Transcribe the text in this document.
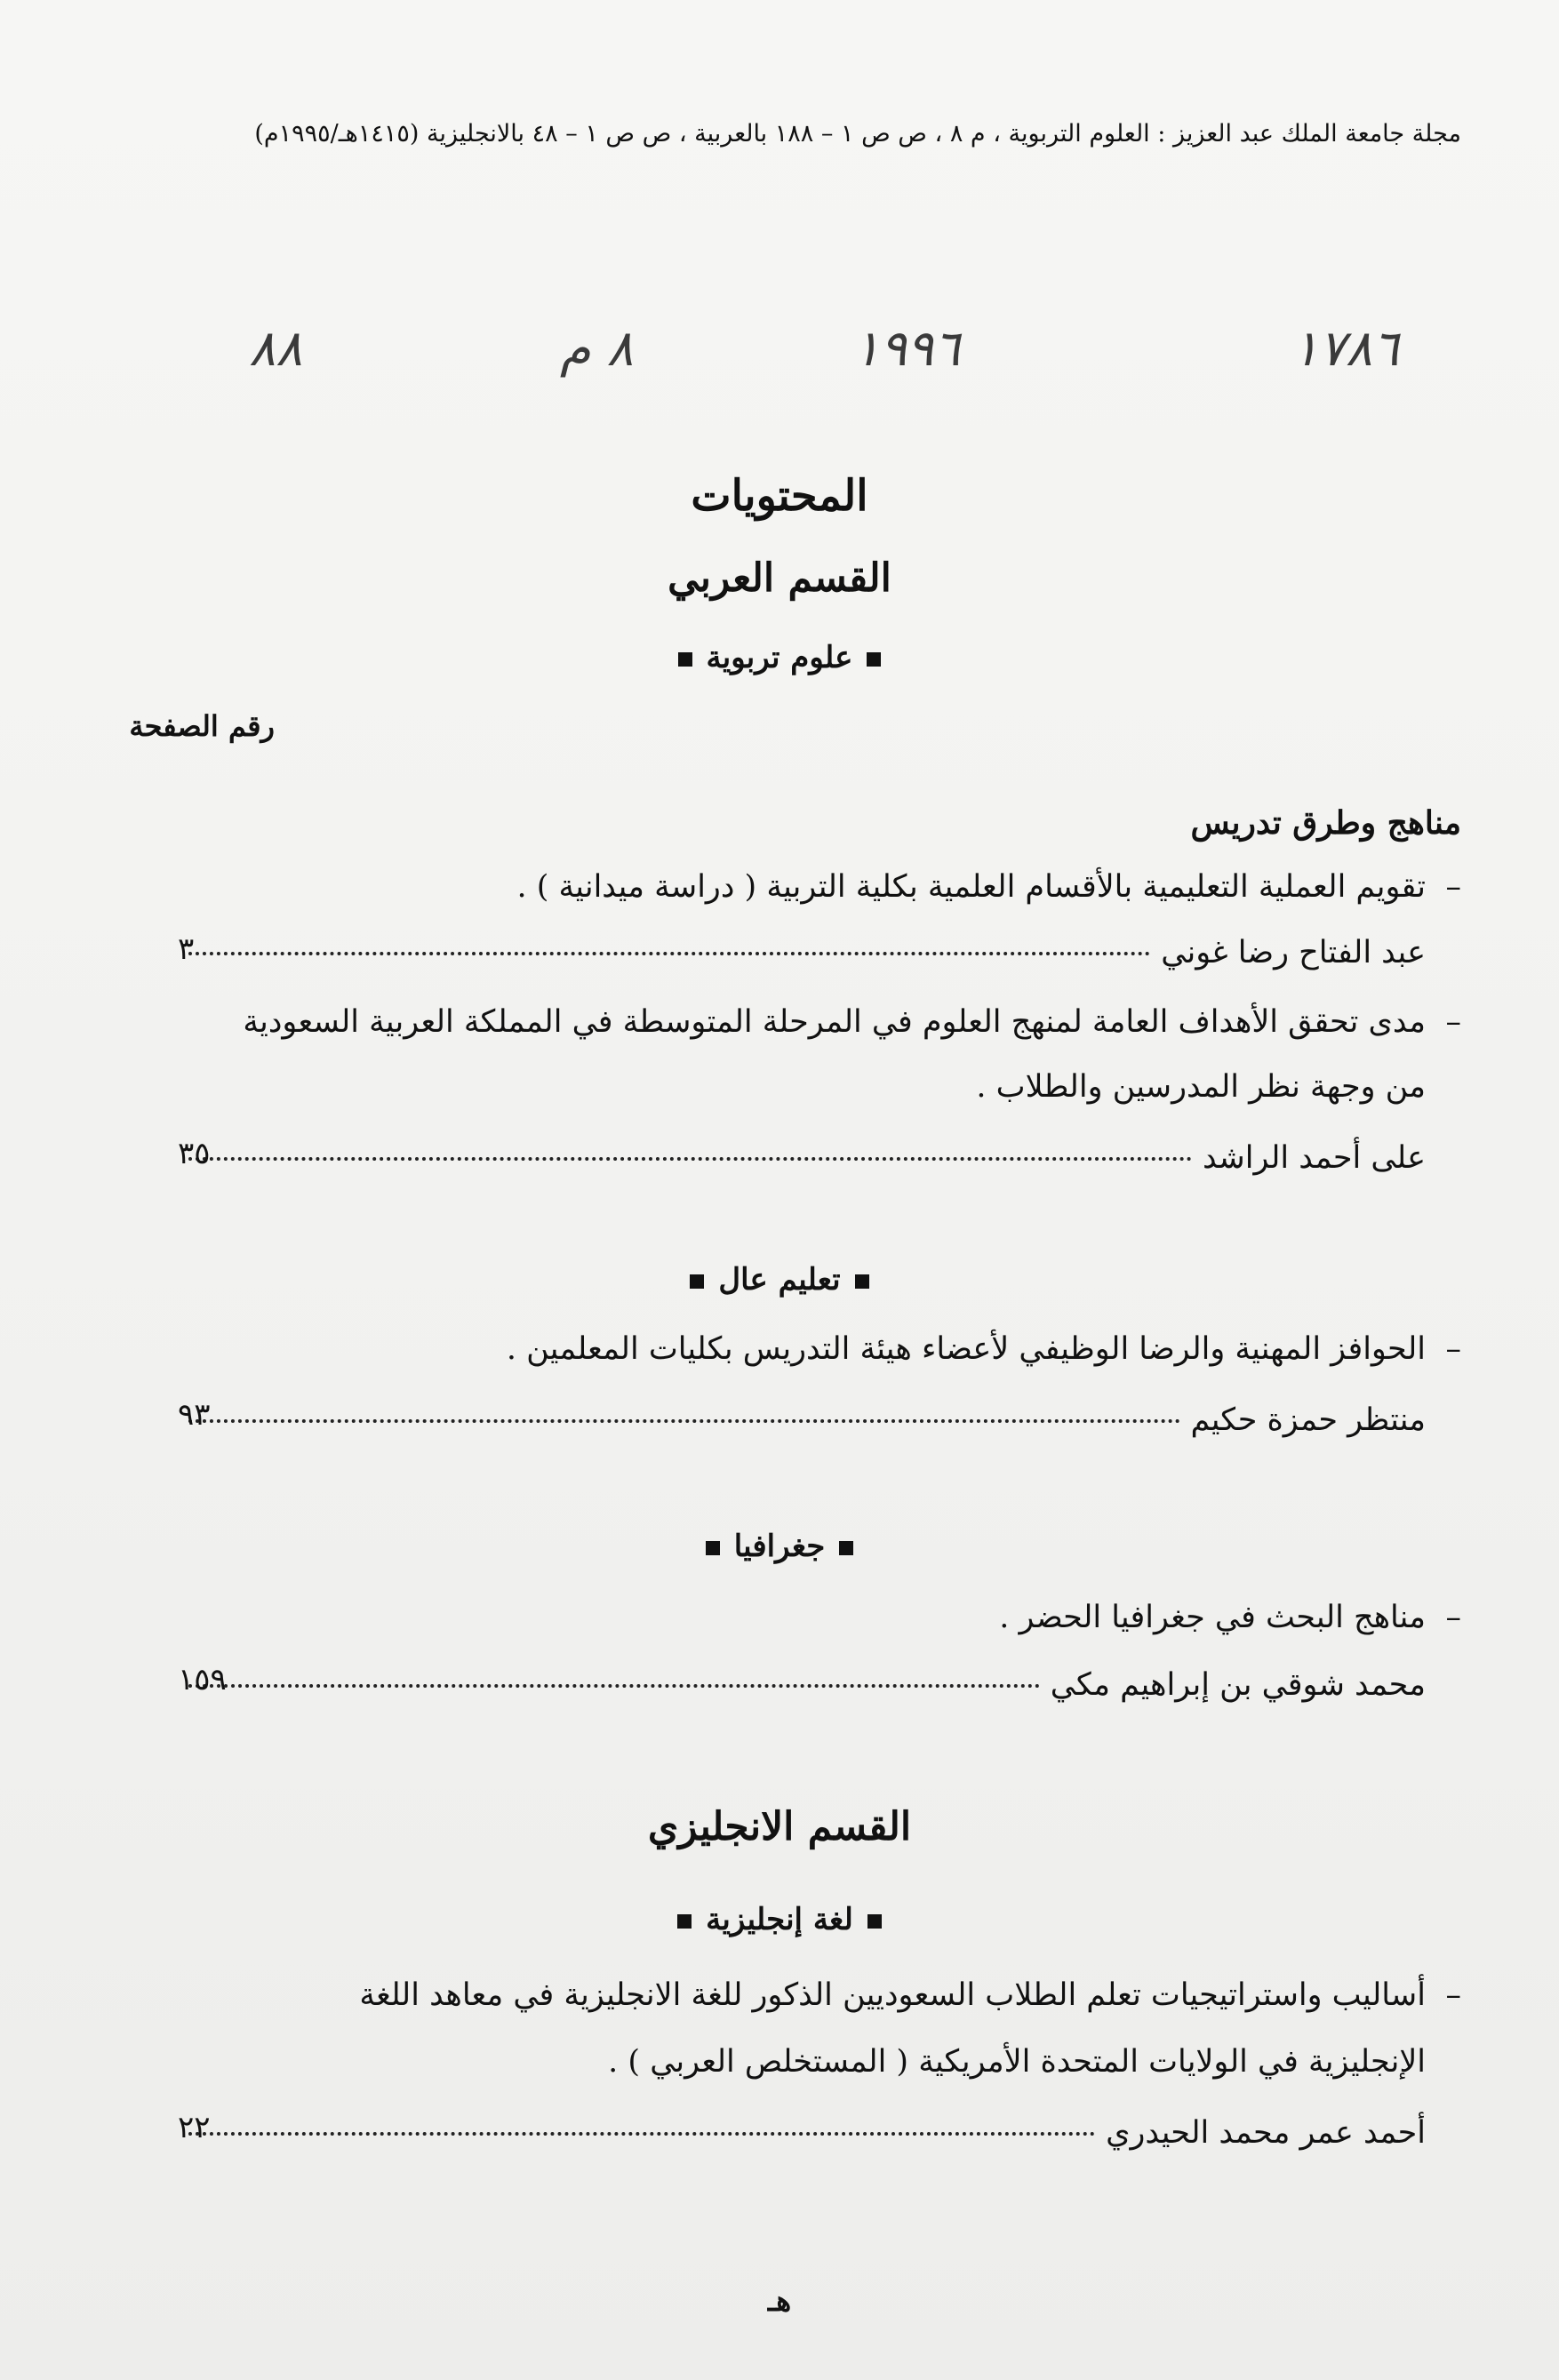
مجلة جامعة الملك عبد العزيز : العلوم التربوية ، م ٨ ، ص ص ١ – ١٨٨ بالعربية ، ص ص ١ – ٤٨ بالانجليزية (١٤١٥هـ/١٩٩٥م)
١٧٨٦
١٩٩٦
٨ م
٨٨
المحتويات
القسم العربي
علوم تربوية
رقم الصفحة
مناهج وطرق تدريس
–تقويم العملية التعليمية بالأقسام العلمية بكلية التربية ( دراسة ميدانية ) .
عبد الفتاح رضا غوني
٣
–مدى تحقق الأهداف العامة لمنهج العلوم في المرحلة المتوسطة في المملكة العربية السعودية
من وجهة نظر المدرسين والطلاب .
على أحمد الراشد
٣٥
تعليم عال
–الحوافز المهنية والرضا الوظيفي لأعضاء هيئة التدريس بكليات المعلمين .
منتظر حمزة حكيم
٩٣
جغرافيا
–مناهج البحث في جغرافيا الحضر .
محمد شوقي بن إبراهيم مكي
١٥٩
القسم الانجليزي
لغة إنجليزية
–أساليب واستراتيجيات تعلم الطلاب السعوديين الذكور للغة الانجليزية في معاهد اللغة
الإنجليزية في الولايات المتحدة الأمريكية ( المستخلص العربي ) .
أحمد عمر محمد الحيدري
٢٢
هـ
